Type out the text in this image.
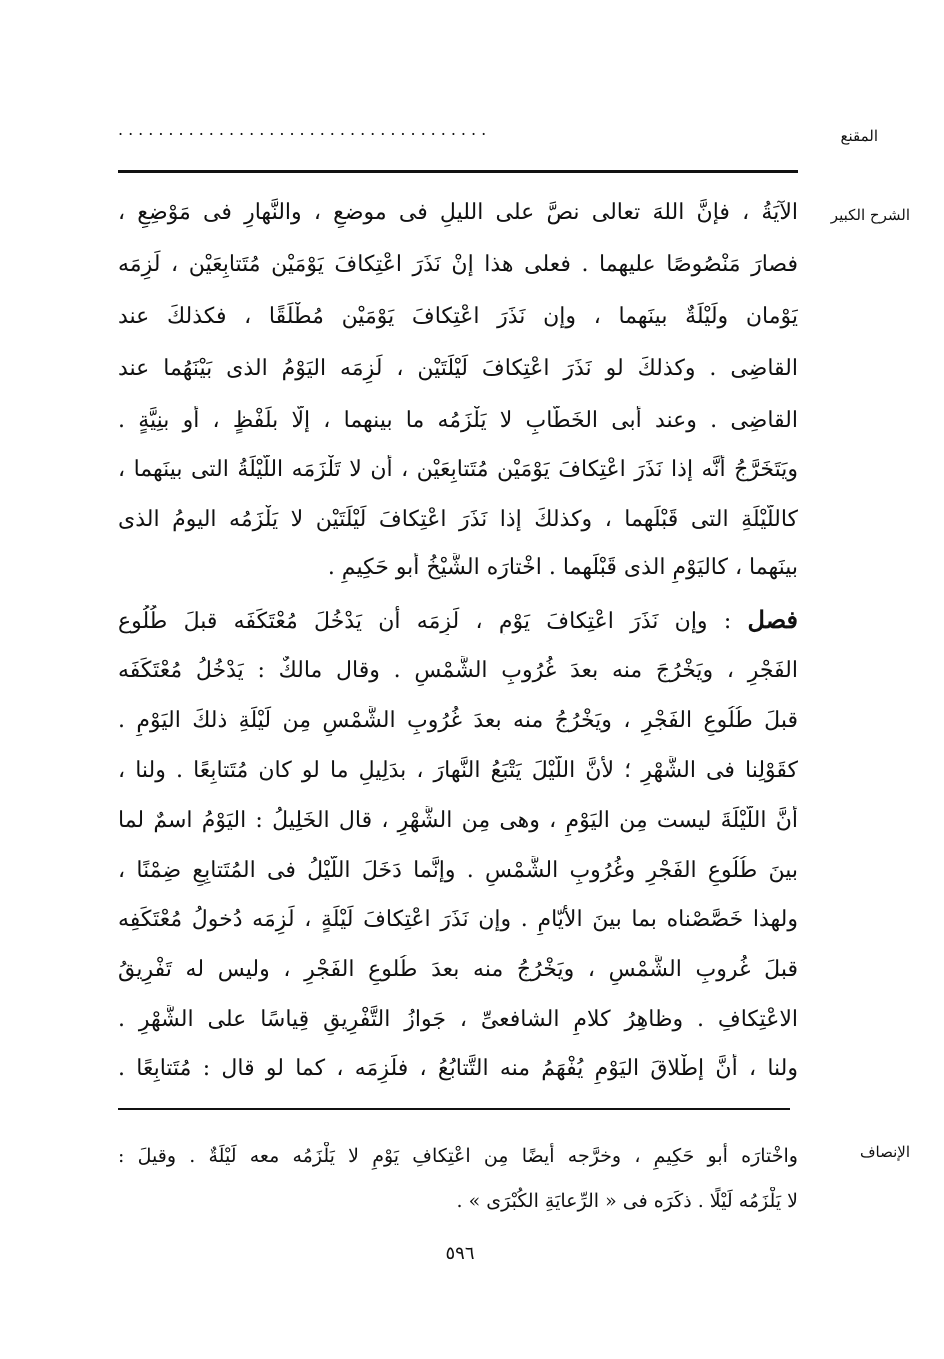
المقنع
.....................................
الشرح الكبير
الآيَةُ ، فإنَّ اللهَ تعالى نصَّ على الليلِ فى موضعٍ ، والنَّهارِ فى مَوْضِعٍ ،
فصارَ مَنْصُوصًا عليهما . فعلى هذا إنْ نَذَرَ اعْتِكافَ يَوْمَيْن مُتَتابِعَيْن ، لَزِمَه
يَوْمان ولَيْلَةٌ بينَهما ، وإن نَذَرَ اعْتِكافَ يَوْمَيْن مُطْلَقًا ، فكذلكَ عند
القاضِى . وكذلكَ لو نَذَرَ اعْتِكافَ لَيْلَتَيْن ، لَزِمَه اليَوْمُ الذى بَيْنَهُما عند
القاضِى . وعند أبى الخَطّابِ لا يَلْزَمُه ما بينهما ، إلَّا بلَفْظٍ ، أو بنِيَّةٍ .
ويَتَخَرَّجُ أنَّه إذا نَذَرَ اعْتِكافَ يَوْمَيْن مُتَتابِعَيْن ، أن لا تَلْزَمَه اللَّيْلَةُ التى بينَهما ،
كاللَّيْلَةِ التى قَبْلَهما ، وكذلكَ إذا نَذَرَ اعْتِكافَ لَيْلَتَيْن لا يَلْزَمُه اليومُ الذى
بينَهما ، كاليَوْمِ الذى قَبْلَهما . اخْتارَه الشَّيْخُ أبو حَكِيمٍ .
فصل : وإن نَذَرَ اعْتِكافَ يَوْمٍ ، لَزِمَه أن يَدْخُلَ مُعْتَكَفَه قبلَ طُلُوعِ
الفَجْرِ ، ويَخْرُجَ منه بعدَ غُرُوبِ الشَّمْسِ . وقال مالكٌ : يَدْخُلُ مُعْتَكَفَه
قبلَ طُلُوعِ الفَجْرِ ، ويَخْرُجُ منه بعدَ غُرُوبِ الشَّمْسِ مِن لَيْلَةِ ذلكَ اليَوْمِ .
كقَوْلِنا فى الشَّهْرِ ؛ لأنَّ اللَّيْلَ يَتْبَعُ النَّهارَ ، بدَلِيلِ ما لو كان مُتَتابِعًا . ولنا ،
أنَّ اللَّيْلَةَ ليست مِن اليَوْمِ ، وهى مِن الشَّهْرِ ، قال الخَلِيلُ : اليَوْمُ اسمٌ لما
بينَ طُلُوعِ الفَجْرِ وغُرُوبِ الشَّمْسِ . وإنَّما دَخَلَ اللَّيْلُ فى المُتَتابِعِ ضِمْنًا ،
ولهذا خَصَّصْناه بما بينَ الأيّامِ . وإن نَذَرَ اعْتِكافَ لَيْلَةٍ ، لَزِمَه دُخولُ مُعْتَكَفِه
قبلَ غُروبِ الشَّمْسِ ، ويَخْرُجُ منه بعدَ طُلوعِ الفَجْرِ ، وليس له تَفْرِيقُ
الاعْتِكافِ . وظاهِرُ كلامِ الشافعىِّ ، جَوازُ التَّفْرِيقِ قِياسًا على الشَّهْرِ .
ولنا ، أنَّ إطْلاقَ اليَوْمِ يُفْهَمُ منه التَّتابُعُ ، فلَزِمَه ، كما لو قال : مُتَتابِعًا .
الإنصاف
واخْتارَه أبو حَكِيمٍ ، وخرَّجه أيضًا مِن اعْتِكافِ يَوْمٍ لا يَلْزَمُه معه لَيْلَةٌ . وقيلَ :
لا يَلْزَمُه لَيْلًا . ذكَرَه فى « الرِّعايَةِ الكُبْرَى » .
٥٩٦
